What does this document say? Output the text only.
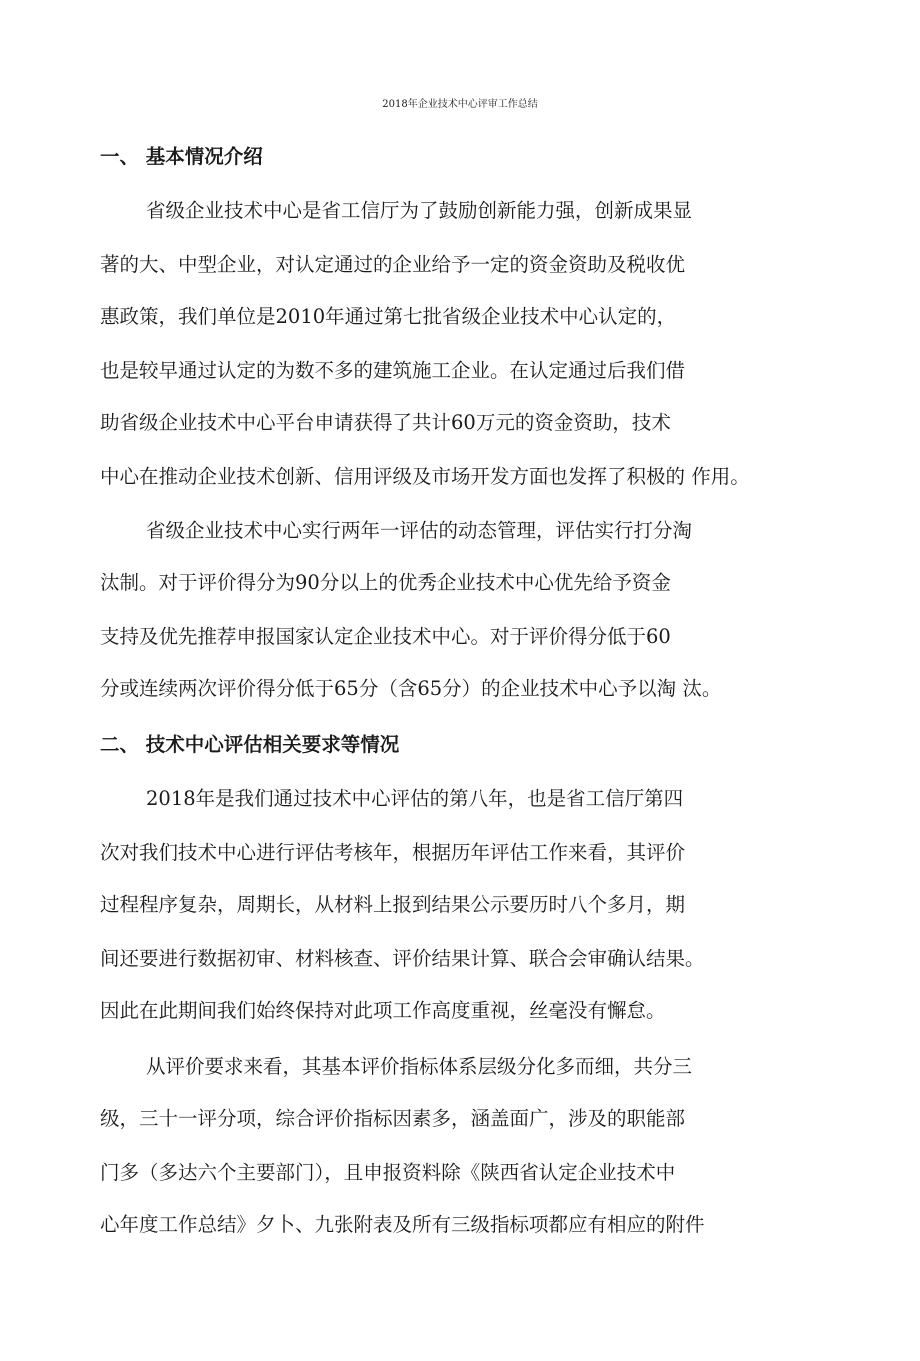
2018年企业技术中心评审工作总结
一、 基本情况介绍
省级企业技术中心是省工信厅为了鼓励创新能力强，创新成果显
著的大、中型企业，对认定通过的企业给予一定的资金资助及税收优
惠政策，我们单位是2010年通过第七批省级企业技术中心认定的，
也是较早通过认定的为数不多的建筑施工企业。在认定通过后我们借
助省级企业技术中心平台申请获得了共计60万元的资金资助，技术
中心在推动企业技术创新、信用评级及市场开发方面也发挥了积极的 作用。
省级企业技术中心实行两年一评估的动态管理，评估实行打分淘
汰制。对于评价得分为90分以上的优秀企业技术中心优先给予资金
支持及优先推荐申报国家认定企业技术中心。对于评价得分低于60
分或连续两次评价得分低于65分（含65分）的企业技术中心予以淘 汰。
二、 技术中心评估相关要求等情况
2018年是我们通过技术中心评估的第八年，也是省工信厅第四
次对我们技术中心进行评估考核年，根据历年评估工作来看，其评价
过程程序复杂，周期长，从材料上报到结果公示要历时八个多月，期
间还要进行数据初审、材料核查、评价结果计算、联合会审确认结果。
因此在此期间我们始终保持对此项工作高度重视，丝毫没有懈怠。
从评价要求来看，其基本评价指标体系层级分化多而细，共分三
级，三十一评分项，综合评价指标因素多，涵盖面广，涉及的职能部
门多（多达六个主要部门），且申报资料除《陕西省认定企业技术中
心年度工作总结》夕卜、九张附表及所有三级指标项都应有相应的附件
